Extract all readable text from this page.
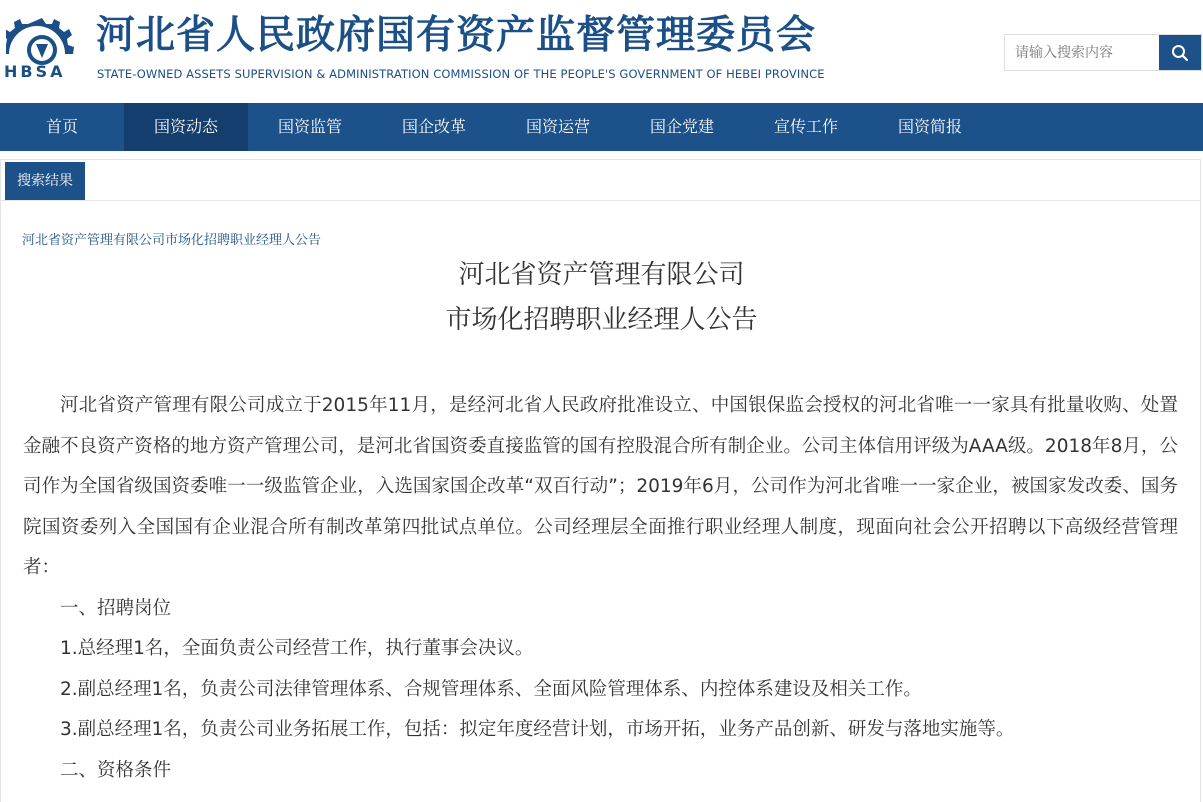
HBSA
河北省人民政府国有资产监督管理委员会
STATE-OWNED ASSETS SUPERVISION & ADMINISTRATION COMMISSION OF THE PEOPLE'S GOVERNMENT OF HEBEI PROVINCE
请输入搜索内容
首页	国资动态	国资监管	国企改革	国资运营	国企党建	宣传工作	国资简报
搜索结果
河北省资产管理有限公司市场化招聘职业经理人公告
河北省资产管理有限公司
市场化招聘职业经理人公告

河北省资产管理有限公司成立于2015年11月，是经河北省人民政府批准设立、中国银保监会授权的河北省唯一一家具有批量收购、处置金融不良资产资格的地方资产管理公司，是河北省国资委直接监管的国有控股混合所有制企业。公司主体信用评级为AAA级。2018年8月，公司作为全国省级国资委唯一一级监管企业，入选国家国企改革“双百行动”；2019年6月，公司作为河北省唯一一家企业，被国家发改委、国务院国资委列入全国国有企业混合所有制改革第四批试点单位。公司经理层全面推行职业经理人制度，现面向社会公开招聘以下高级经营管理者：

一、招聘岗位

1.总经理1名，全面负责公司经营工作，执行董事会决议。

2.副总经理1名，负责公司法律管理体系、合规管理体系、全面风险管理体系、内控体系建设及相关工作。

3.副总经理1名，负责公司业务拓展工作，包括：拟定年度经营计划，市场开拓，业务产品创新、研发与落地实施等。

二、资格条件
